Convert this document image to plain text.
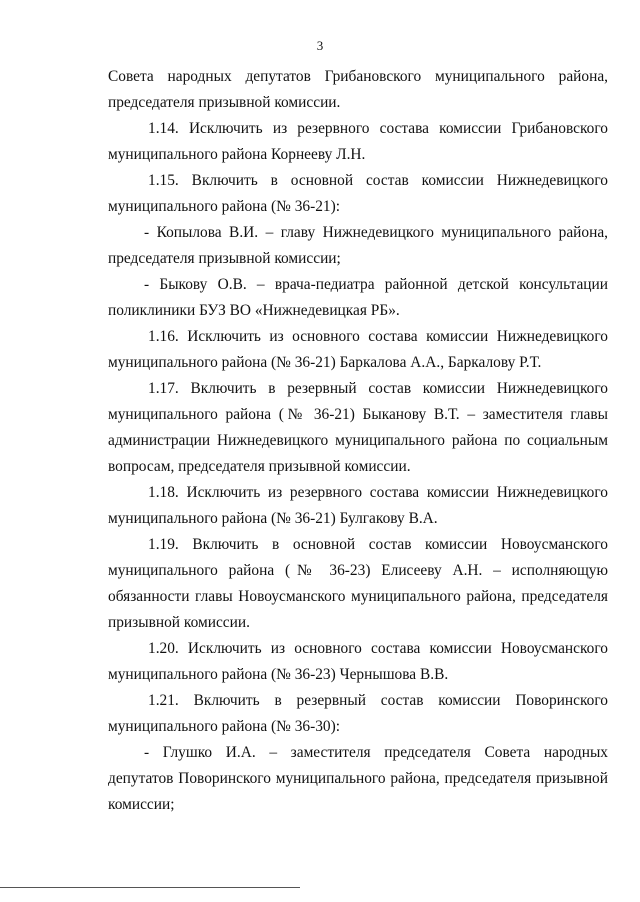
3

Совета народных депутатов Грибановского муниципального района, председателя призывной комиссии.

1.14. Исключить из резервного состава комиссии Грибановского муниципального района Корнееву Л.Н.

1.15. Включить в основной состав комиссии Нижнедевицкого муниципального района (№ 36-21):

- Копылова В.И. – главу Нижнедевицкого муниципального района, председателя призывной комиссии;

- Быкову О.В. – врача-педиатра районной детской консультации поликлиники БУЗ ВО «Нижнедевицкая РБ».

1.16. Исключить из основного состава комиссии Нижнедевицкого муниципального района (№ 36-21) Баркалова А.А., Баркалову Р.Т.

1.17. Включить в резервный состав комиссии Нижнедевицкого муниципального района (№ 36-21) Быканову В.Т. – заместителя главы администрации Нижнедевицкого муниципального района по социальным вопросам, председателя призывной комиссии.

1.18. Исключить из резервного состава комиссии Нижнедевицкого муниципального района (№ 36-21) Булгакову В.А.

1.19. Включить в основной состав комиссии Новоусманского муниципального района (№ 36-23) Елисееву А.Н. – исполняющую обязанности главы Новоусманского муниципального района, председателя призывной комиссии.

1.20. Исключить из основного состава комиссии Новоусманского муниципального района (№ 36-23) Чернышова В.В.

1.21. Включить в резервный состав комиссии Поворинского муниципального района (№ 36-30):

- Глушко И.А. – заместителя председателя Совета народных депутатов Поворинского муниципального района, председателя призывной комиссии;
